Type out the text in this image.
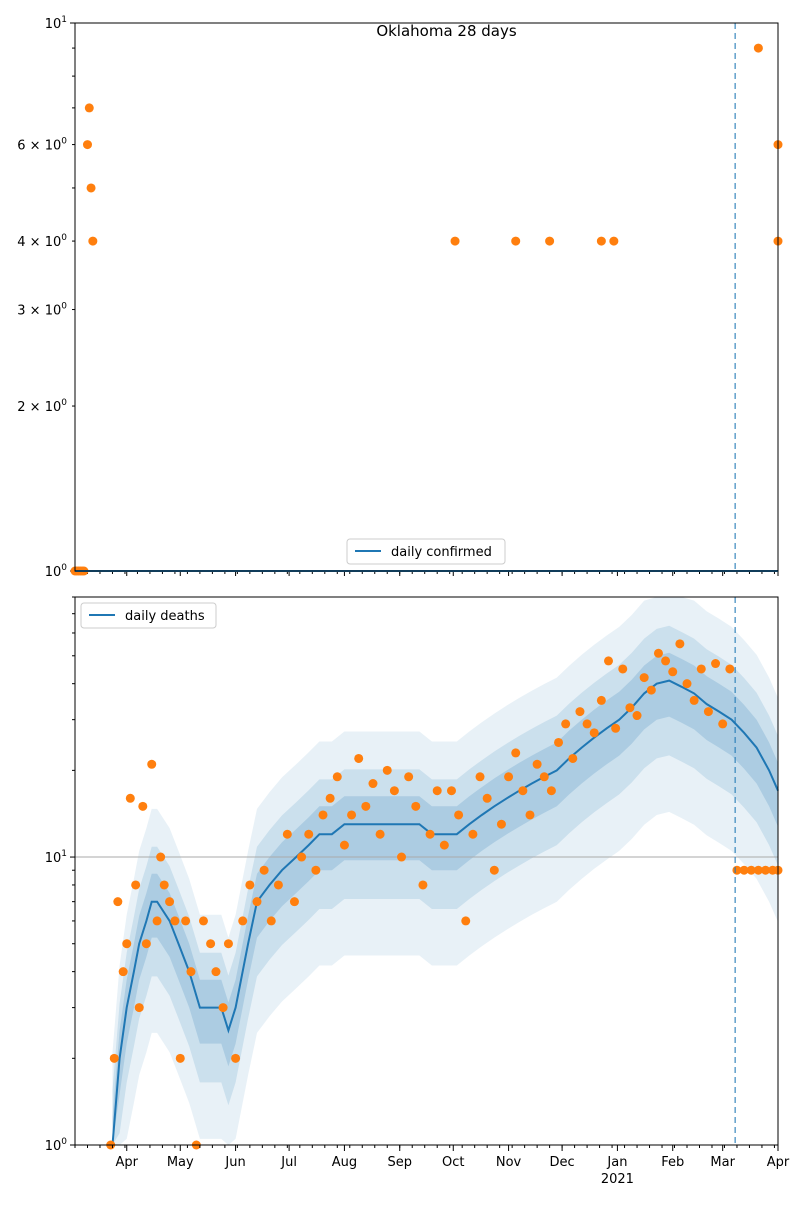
$10^0$
$2 \times 10^0$
$3 \times 10^0$
$4 \times 10^0$
$6 \times 10^0$
$10^1$
Oklahoma 28 days
daily confirmed
$10^0$
$10^1$
Apr May Jun	Jul	Aug Sep Oct Nov Dec	Jan	Feb Mar Apr
2021
daily deaths
